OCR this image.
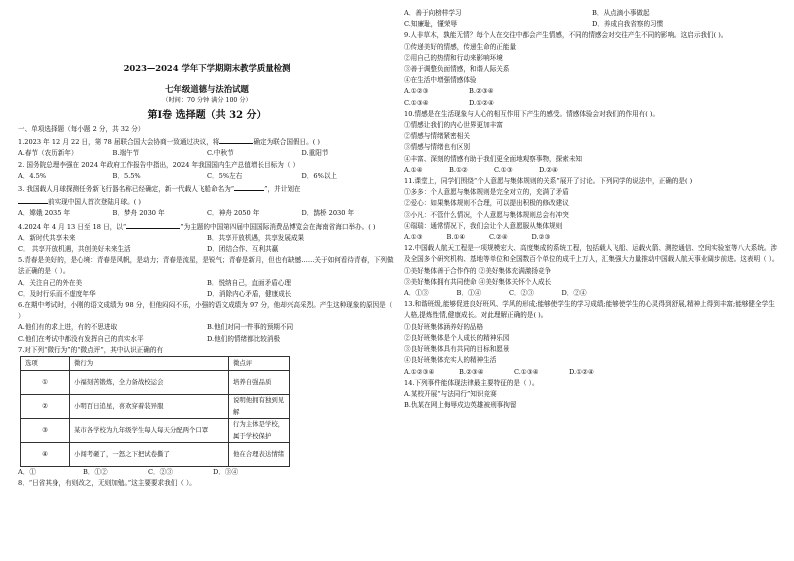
2023—2024 学年下学期期末教学质量检测
七年级道德与法治试题
（时间：70 分钟 满分 100 分）
第Ⅰ卷 选择题（共 32 分）
一、单项选择题（每小题 2 分，共 32 分）
1.2023 年 12 月 22 日，第 78 届联合国大会协商一致通过决议，将	确定为联合国假日。( )
A.春节（农历新年）	B.端午节	C.中秋节	D.重阳节
2. 国务院总理李强在 2024 年政府工作报告中指出，2024 年我国国内生产总值增长目标为（ ）
A．4.5%	B．5.5%	C．5%左右	D．6%以上
3. 我国载人月球探测任务新飞行器名称已经确定，新一代载人飞船命名为“	”，并计划在
前实现中国人首次登陆月球。( )
A．嫦娥 2035 年	B．梦舟 2030 年	C．神舟 2050 年	D．鹊桥 2030 年
4.2024 年 4 月 13 日至 18 日，以“	”为主题的中国第四届中国国际消费品博览会在海南省海口举办。( )
A．新时代共享未来	B．共享开放机遇，共享发展成果
C． 共享开放机遇，共创美好未来生活	D．团结合作、互利共赢
5.青春是美好的，是心境：青春是风帆，是动力；青春是流星，是锐气；青春是新月，但也有缺憾……关于如何看待青春，下列做法正确的是（ ）。
A．关注自己的外在美	B．悦纳自己，直面矛盾心理
C．及时行乐而不虚度年华	D．消除内心矛盾，健康成长
6.在期中考试时，小刚的语文成绩为 98 分，但他闷闷不乐，小强的语文成绩为 97 分，他却兴高采烈。产生这种现象的原因是（ ）
A.他们有的求上进，有的不思进取	B.他们对同一件事的预期不同
C.他们在考试中都没有发挥自己的真实水平	D.他们的情绪都比较消极
7.对下列“微行为”的“微点评”，其中认识正确的有
选项	微行为	微点评
①	小福刻苦锻炼，全力备战校运会	培养自强品质
②	小明百日追星，喜欢穿着装异服	说明他拥有独到见解
③	某市各学校为九年级学生每人每天分配两个口罩	行为主体是学校，属于学校保护
④	小闯考砸了，一怒之下把试卷撕了	他在合理表达情绪
A．①	B．①②	C．②③	D．③④
8．“日省其身，有则改之，无则加勉。”这主要要求我们（ ）。
A．善于向榜样学习	B．从点滴小事做起
C.知廉耻，懂荣辱	D．养成自我省察的习惯
9.人非草木，孰能无情？每个人在交往中都会产生情感，不同的情感会对交往产生不同的影响。这启示我们( )。
①传递美好的情感，传递生命的正能量
②用自己的热情和行动来影响环境
③善于调整负面情感，和谐人际关系
④在生活中增强情感体验
A.①②③	B.②③④
C.①③④	D.①②④
10.情感是在生活现象与人心的相互作用下产生的感受。情感体验会对我们的作用有( )。
①情感让我们的内心世界更加丰富
②情感与情绪紧密相关
③情感与情绪也有区别
④丰富、深刻的情感有助于我们更全面地观察事物，探索未知
A.①④	B.①②	C.①③	D.②④
11.课堂上，同学们围绕“个人意愿与集体规则的关系”展开了讨论。下列同学的说法中，正确的是( )
①多多：个人意愿与集体规则是完全对立的，充满了矛盾
②爱心：如果集体规则不合理，可以提出积极的修改建议
③小凡：不管什么情况，个人意愿与集体规则总会有冲突
④瑞瑞：通常情况下，我们会让个人意愿服从集体规则
A.①③	B.①④	C.②④	D.②③
12.中国载人航天工程是一项规模宏大、高度集成的系统工程，包括载人飞船、运载火箭、测控通信、空间实验室等八大系统。涉及全国多个研究机构、基地等单位和全国数百个单位的成千上万人，汇集强大力量推动中国载人航天事业阔步前进。这表明（ ）。
①美好集体善于合作作的 ②美好集体充满激扬竞争
③美好集体拥有共同使命 ④美好集体关怀个人成长
A．①③	B．①④	C．②③	D．②④
13.和谐班级,能够促进良好班风、学风的形成;能够使学生的学习成绩;能够使学生的心灵得到舒展,精神上得到丰富;能够健全学生人格,提炼性情,健康成长。对此理解正确的是( )。
①良好班集体涵养好的品格
②良好班集体是个人成长的精神乐园
③良好班集体具有共同的目标和愿景
④良好班集体充实人的精神生活
A.①②③④	B.②③④	C.①③④	D.①②④
14.下列事件能体现法律最主要特征的是（ ）。
A.某校开展“与法同行”知识竞赛
B.仇某在网上侮辱戍边英雄被刑事拘留
